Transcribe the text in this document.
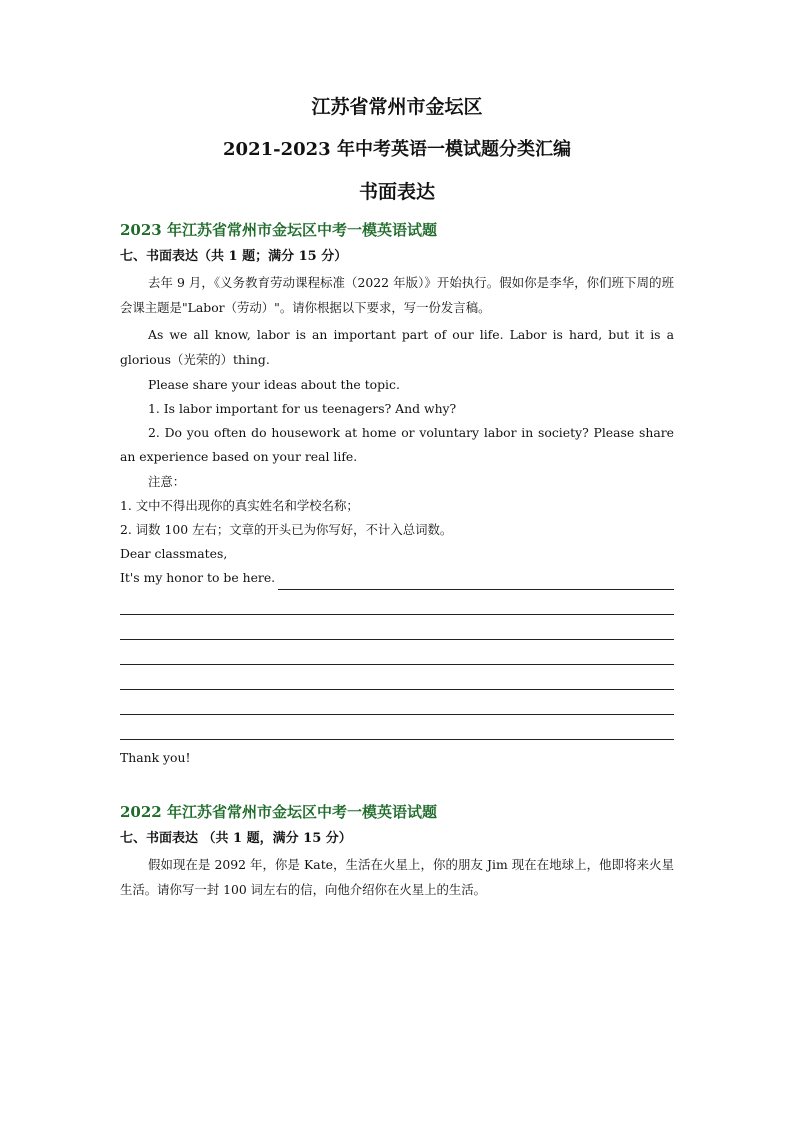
江苏省常州市金坛区
2021-2023 年中考英语一模试题分类汇编
书面表达
2023 年江苏省常州市金坛区中考一模英语试题
七、书面表达（共 1 题；满分 15 分）

去年 9 月，《义务教育劳动课程标准（2022 年版）》开始执行。假如你是李华，你们班下周的班会课主题是"Labor（劳动）"。请你根据以下要求，写一份发言稿。

As we all know, labor is an important part of our life. Labor is hard, but it is a glorious（光荣的）thing.

Please share your ideas about the topic.

1. Is labor important for us teenagers? And why?

2. Do you often do housework at home or voluntary labor in society? Please share an experience based on your real life.

注意：

1. 文中不得出现你的真实姓名和学校名称；

2. 词数 100 左右；文章的开头已为你写好，不计入总词数。

Dear classmates,

It's my honor to be here.

Thank you!

2022 年江苏省常州市金坛区中考一模英语试题
七、书面表达 （共 1 题，满分 15 分）

假如现在是 2092 年，你是 Kate，生活在火星上，你的朋友 Jim 现在在地球上，他即将来火星生活。请你写一封 100 词左右的信，向他介绍你在火星上的生活。
